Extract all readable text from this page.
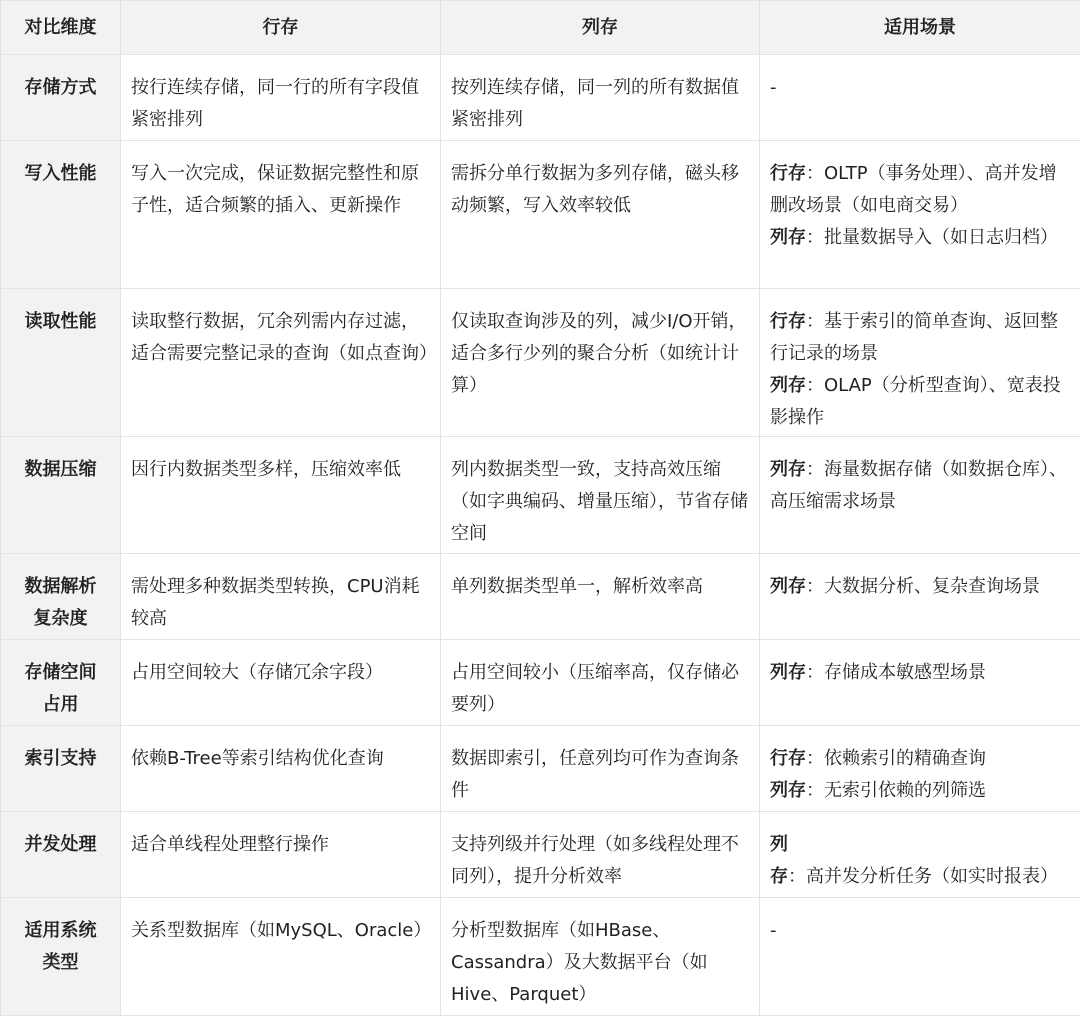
对比维度	行存	列存	适用场景
存储方式	按行连续存储，同一行的所有字段值紧密排列	按列连续存储，同一列的所有数据值紧密排列	-

写入性能	写入一次完成，保证数据完整性和原子性，适合频繁的插入、更新操作	需拆分单行数据为多列存储，磁头移动频繁，写入效率较低	行存：OLTP（事务处理）、高并发增删改场景（如电商交易）
列存：批量数据导入（如日志归档）

读取性能	读取整行数据，冗余列需内存过滤，适合需要完整记录的查询（如点查询）	仅读取查询涉及的列，减少I/O开销，适合多行少列的聚合分析（如统计计算）	行存：基于索引的简单查询、返回整行记录的场景
列存：OLAP（分析型查询）、宽表投影操作

数据压缩	因行内数据类型多样，压缩效率低	列内数据类型一致，支持高效压缩（如字典编码、增量压缩），节省存储空间	列存：海量数据存储（如数据仓库）、高压缩需求场景

数据解析复杂度	需处理多种数据类型转换，CPU消耗较高	单列数据类型单一，解析效率高	列存：大数据分析、复杂查询场景

存储空间占用	占用空间较大（存储冗余字段）	占用空间较小（压缩率高，仅存储必要列）	列存：存储成本敏感型场景

索引支持	依赖B-Tree等索引结构优化查询	数据即索引，任意列均可作为查询条件	行存：依赖索引的精确查询
列存：无索引依赖的列筛选

并发处理	适合单线程处理整行操作	支持列级并行处理（如多线程处理不同列），提升分析效率	列存：高并发分析任务（如实时报表）

适用系统类型	关系型数据库（如MySQL、Oracle）	分析型数据库（如HBase、Cassandra）及大数据平台（如Hive、Parquet）	-
